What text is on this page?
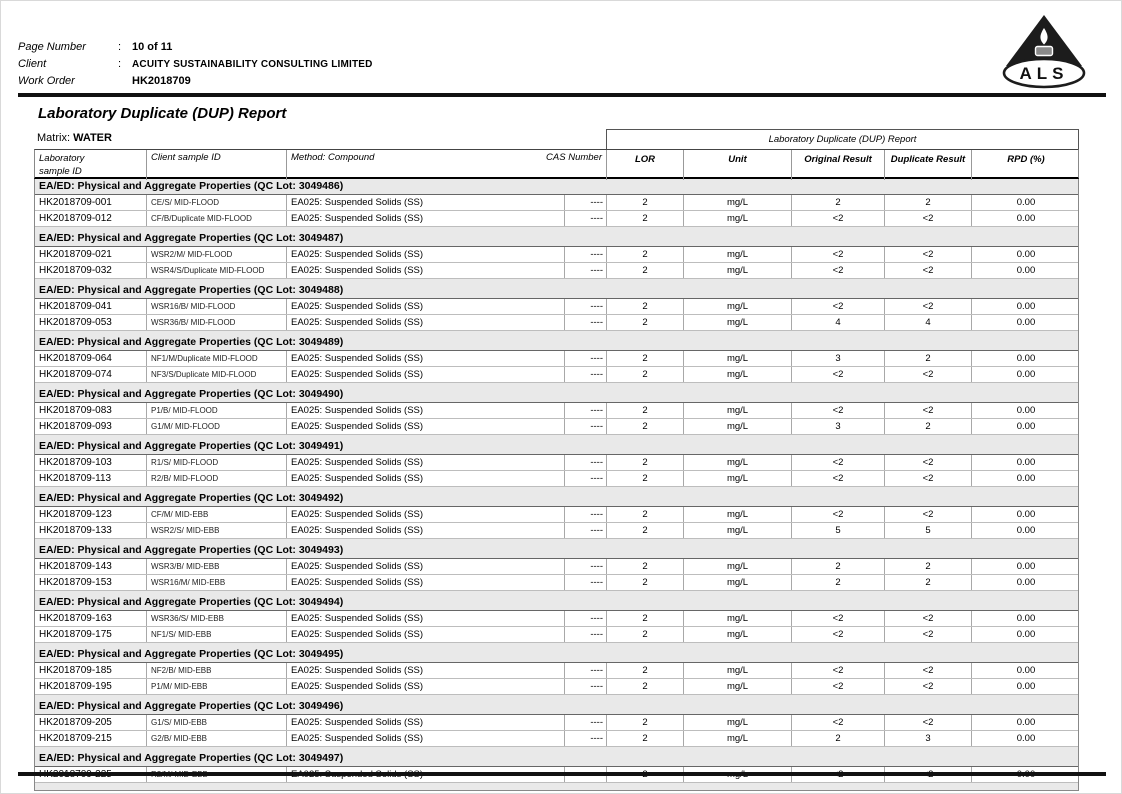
Page Number	: 10 of 11
Client	:	ACUITY SUSTAINABILITY CONSULTING LIMITED
Work Order	HK2018709	ALS
Laboratory Duplicate (DUP) Report
Matrix: WATER	Laboratory Duplicate (DUP) Report
Laboratory
sample ID
Client sample ID	Method: Compound	CAS Number	LOR	Unit	Original Result	Duplicate Result	RPD (%)
EA/ED: Physical and Aggregate Properties (QC Lot: 3049486)
HK2018709-001	CE/S/ MID-FLOOD	EA025: Suspended Solids (SS)	----	2	mg/L	2	2	0.00
HK2018709-012	CF/B/Duplicate MID-FLOOD	EA025: Suspended Solids (SS)	----	2	mg/L	<2	<2	0.00
EA/ED: Physical and Aggregate Properties (QC Lot: 3049487)
HK2018709-021	WSR2/M/ MID-FLOOD	EA025: Suspended Solids (SS)	----	2	mg/L	<2	<2	0.00
HK2018709-032	WSR4/S/Duplicate MID-FLOOD	EA025: Suspended Solids (SS)	----	2	mg/L	<2	<2	0.00
EA/ED: Physical and Aggregate Properties (QC Lot: 3049488)
HK2018709-041	WSR16/B/ MID-FLOOD	EA025: Suspended Solids (SS)	----	2	mg/L	<2	<2	0.00
HK2018709-053	WSR36/B/ MID-FLOOD	EA025: Suspended Solids (SS)	----	2	mg/L	4	4	0.00
EA/ED: Physical and Aggregate Properties (QC Lot: 3049489)
HK2018709-064	NF1/M/Duplicate MID-FLOOD	EA025: Suspended Solids (SS)	----	2	mg/L	3	2	0.00
HK2018709-074	NF3/S/Duplicate MID-FLOOD	EA025: Suspended Solids (SS)	----	2	mg/L	<2	<2	0.00
EA/ED: Physical and Aggregate Properties (QC Lot: 3049490)
HK2018709-083	P1/B/ MID-FLOOD	EA025: Suspended Solids (SS)	----	2	mg/L	<2	<2	0.00
HK2018709-093	G1/M/ MID-FLOOD	EA025: Suspended Solids (SS)	----	2	mg/L	3	2	0.00
EA/ED: Physical and Aggregate Properties (QC Lot: 3049491)
HK2018709-103	R1/S/ MID-FLOOD	EA025: Suspended Solids (SS)	----	2	mg/L	<2	<2	0.00
HK2018709-113	R2/B/ MID-FLOOD	EA025: Suspended Solids (SS)	----	2	mg/L	<2	<2	0.00
EA/ED: Physical and Aggregate Properties (QC Lot: 3049492)
HK2018709-123	CF/M/ MID-EBB	EA025: Suspended Solids (SS)	----	2	mg/L	<2	<2	0.00
HK2018709-133	WSR2/S/ MID-EBB	EA025: Suspended Solids (SS)	----	2	mg/L	5	5	0.00
EA/ED: Physical and Aggregate Properties (QC Lot: 3049493)
HK2018709-143	WSR3/B/ MID-EBB	EA025: Suspended Solids (SS)	----	2	mg/L	2	2	0.00
HK2018709-153	WSR16/M/ MID-EBB	EA025: Suspended Solids (SS)	----	2	mg/L	2	2	0.00
EA/ED: Physical and Aggregate Properties (QC Lot: 3049494)
HK2018709-163	WSR36/S/ MID-EBB	EA025: Suspended Solids (SS)	----	2	mg/L	<2	<2	0.00
HK2018709-175	NF1/S/ MID-EBB	EA025: Suspended Solids (SS)	----	2	mg/L	<2	<2	0.00
EA/ED: Physical and Aggregate Properties (QC Lot: 3049495)
HK2018709-185	NF2/B/ MID-EBB	EA025: Suspended Solids (SS)	----	2	mg/L	<2	<2	0.00
HK2018709-195	P1/M/ MID-EBB	EA025: Suspended Solids (SS)	----	2	mg/L	<2	<2	0.00
EA/ED: Physical and Aggregate Properties (QC Lot: 3049496)
HK2018709-205	G1/S/ MID-EBB	EA025: Suspended Solids (SS)	----	2	mg/L	<2	<2	0.00
HK2018709-215	G2/B/ MID-EBB	EA025: Suspended Solids (SS)	----	2	mg/L	2	3	0.00
EA/ED: Physical and Aggregate Properties (QC Lot: 3049497)
